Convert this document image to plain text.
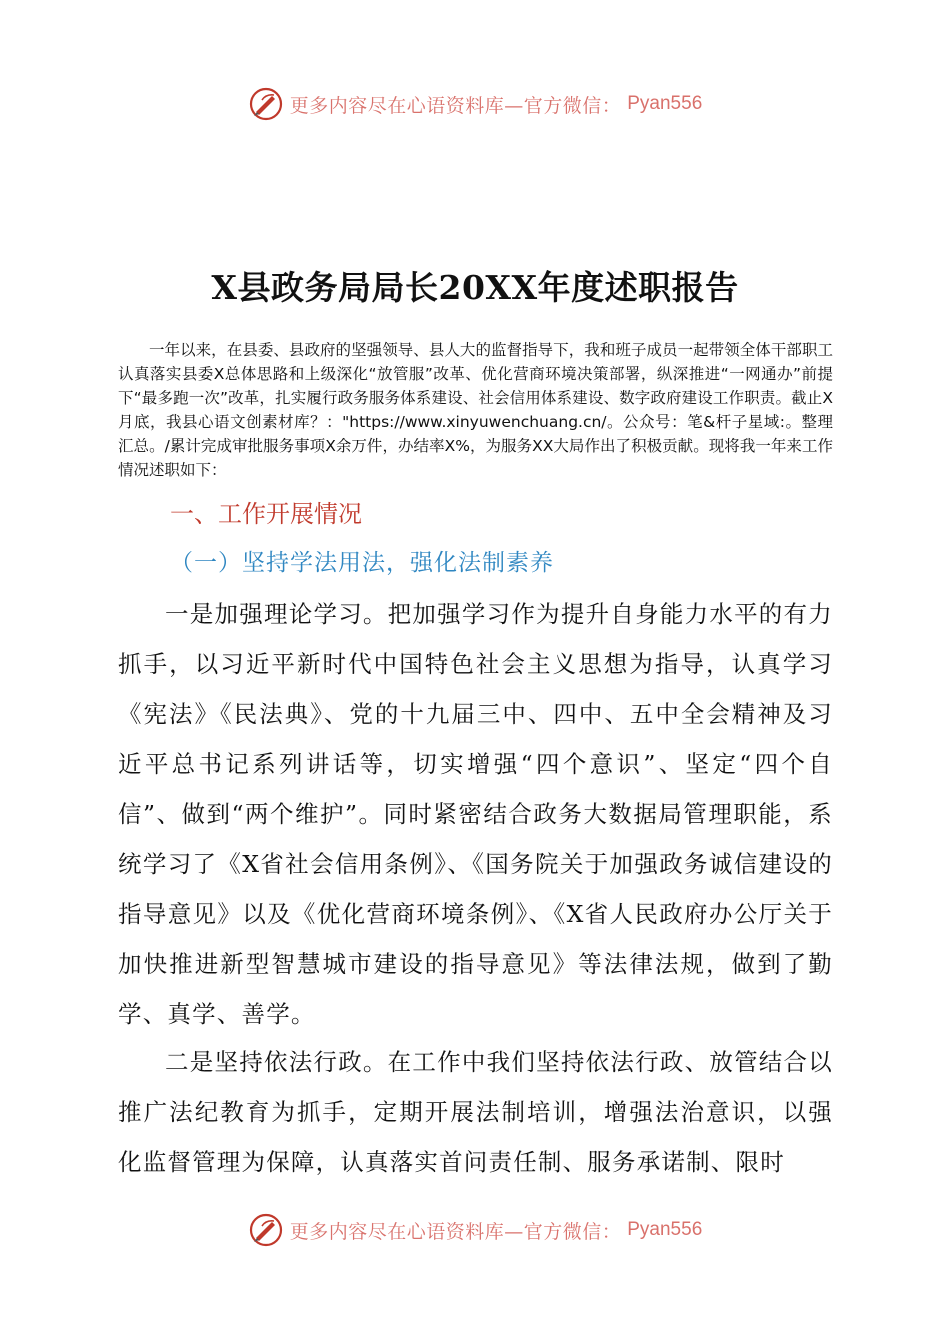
更多内容尽在心语资料库—官方微信： Pyan556
X县政务局局长20XX年度述职报告
一年以来，在县委、县政府的坚强领导、县人大的监督指导下，我和班子成员一起带领全体干部职工认真落实县委X总体思路和上级深化“放管服”改革、优化营商环境决策部署，纵深推进“一网通办”前提下“最多跑一次”改革，扎实履行政务服务体系建设、社会信用体系建设、数字政府建设工作职责。截止X月底，我县心语文创素材库？："https://www.xinyuwenchuang.cn/。公众号：笔&杆子星域:。整理汇总。/累计完成审批服务事项X余万件，办结率X%，为服务XX大局作出了积极贡献。现将我一年来工作情况述职如下：
一、工作开展情况
（一）坚持学法用法，强化法制素养
一是加强理论学习。把加强学习作为提升自身能力水平的有力抓手，以习近平新时代中国特色社会主义思想为指导，认真学习《宪法》《民法典》、党的十九届三中、四中、五中全会精神及习近平总书记系列讲话等，切实增强“四个意识”、坚定“四个自信”、做到“两个维护”。同时紧密结合政务大数据局管理职能，系统学习了《X省社会信用条例》、《国务院关于加强政务诚信建设的指导意见》以及《优化营商环境条例》、《X省人民政府办公厅关于加快推进新型智慧城市建设的指导意见》等法律法规，做到了勤学、真学、善学。
二是坚持依法行政。在工作中我们坚持依法行政、放管结合以推广法纪教育为抓手，定期开展法制培训，增强法治意识，以强化监督管理为保障，认真落实首问责任制、服务承诺制、限时
更多内容尽在心语资料库—官方微信： Pyan556
